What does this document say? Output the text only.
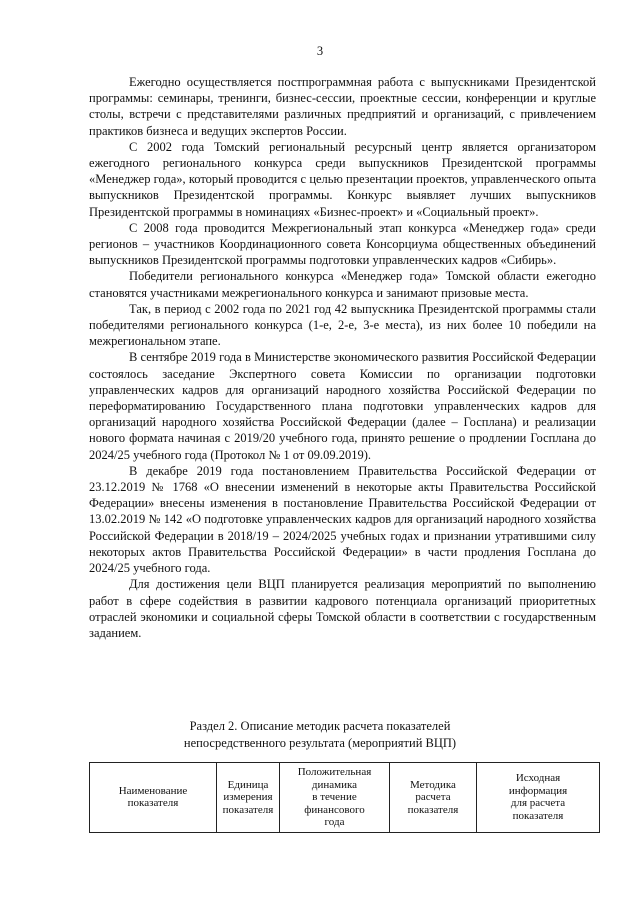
3

Ежегодно осуществляется постпрограммная работа с выпускниками Президентской программы: семинары, тренинги, бизнес-сессии, проектные сессии, конференции и круглые столы, встречи с представителями различных предприятий и организаций, с привлечением практиков бизнеса и ведущих экспертов России.

С 2002 года Томский региональный ресурсный центр является организатором ежегодного регионального конкурса среди выпускников Президентской программы «Менеджер года», который проводится с целью презентации проектов, управленческого опыта выпускников Президентской программы. Конкурс выявляет лучших выпускников Президентской программы в номинациях «Бизнес-проект» и «Социальный проект».

С 2008 года проводится Межрегиональный этап конкурса «Менеджер года» среди регионов – участников Координационного совета Консорциума общественных объединений выпускников Президентской программы подготовки управленческих кадров «Сибирь».

Победители регионального конкурса «Менеджер года» Томской области ежегодно становятся участниками межрегионального конкурса и занимают призовые места.

Так, в период с 2002 года по 2021 год 42 выпускника Президентской программы стали победителями регионального конкурса (1-е, 2-е, 3-е места), из них более 10 победили на межрегиональном этапе.

В сентябре 2019 года в Министерстве экономического развития Российской Федерации состоялось заседание Экспертного совета Комиссии по организации подготовки управленческих кадров для организаций народного хозяйства Российской Федерации по переформатированию Государственного плана подготовки управленческих кадров для организаций народного хозяйства Российской Федерации (далее – Госплана) и реализации нового формата начиная с 2019/20 учебного года, принято решение о продлении Госплана до 2024/25 учебного года (Протокол № 1 от 09.09.2019).

В декабре 2019 года постановлением Правительства Российской Федерации от 23.12.2019 № 1768 «О внесении изменений в некоторые акты Правительства Российской Федерации» внесены изменения в постановление Правительства Российской Федерации от 13.02.2019 № 142 «О подготовке управленческих кадров для организаций народного хозяйства Российской Федерации в 2018/19 – 2024/2025 учебных годах и признании утратившими силу некоторых актов Правительства Российской Федерации» в части продления Госплана до 2024/25 учебного года.

Для достижения цели ВЦП планируется реализация мероприятий по выполнению работ в сфере содействия в развитии кадрового потенциала организаций приоритетных отраслей экономики и социальной сферы Томской области в соответствии с государственным заданием.

Раздел 2. Описание методик расчета показателей
непосредственного результата (мероприятий ВЦП)
Наименование
показателя

Единица
измерения
показателя

Положительная
динамика
в течение
финансового
года

Методика
расчета
показателя

Исходная
информация
для расчета
показателя
